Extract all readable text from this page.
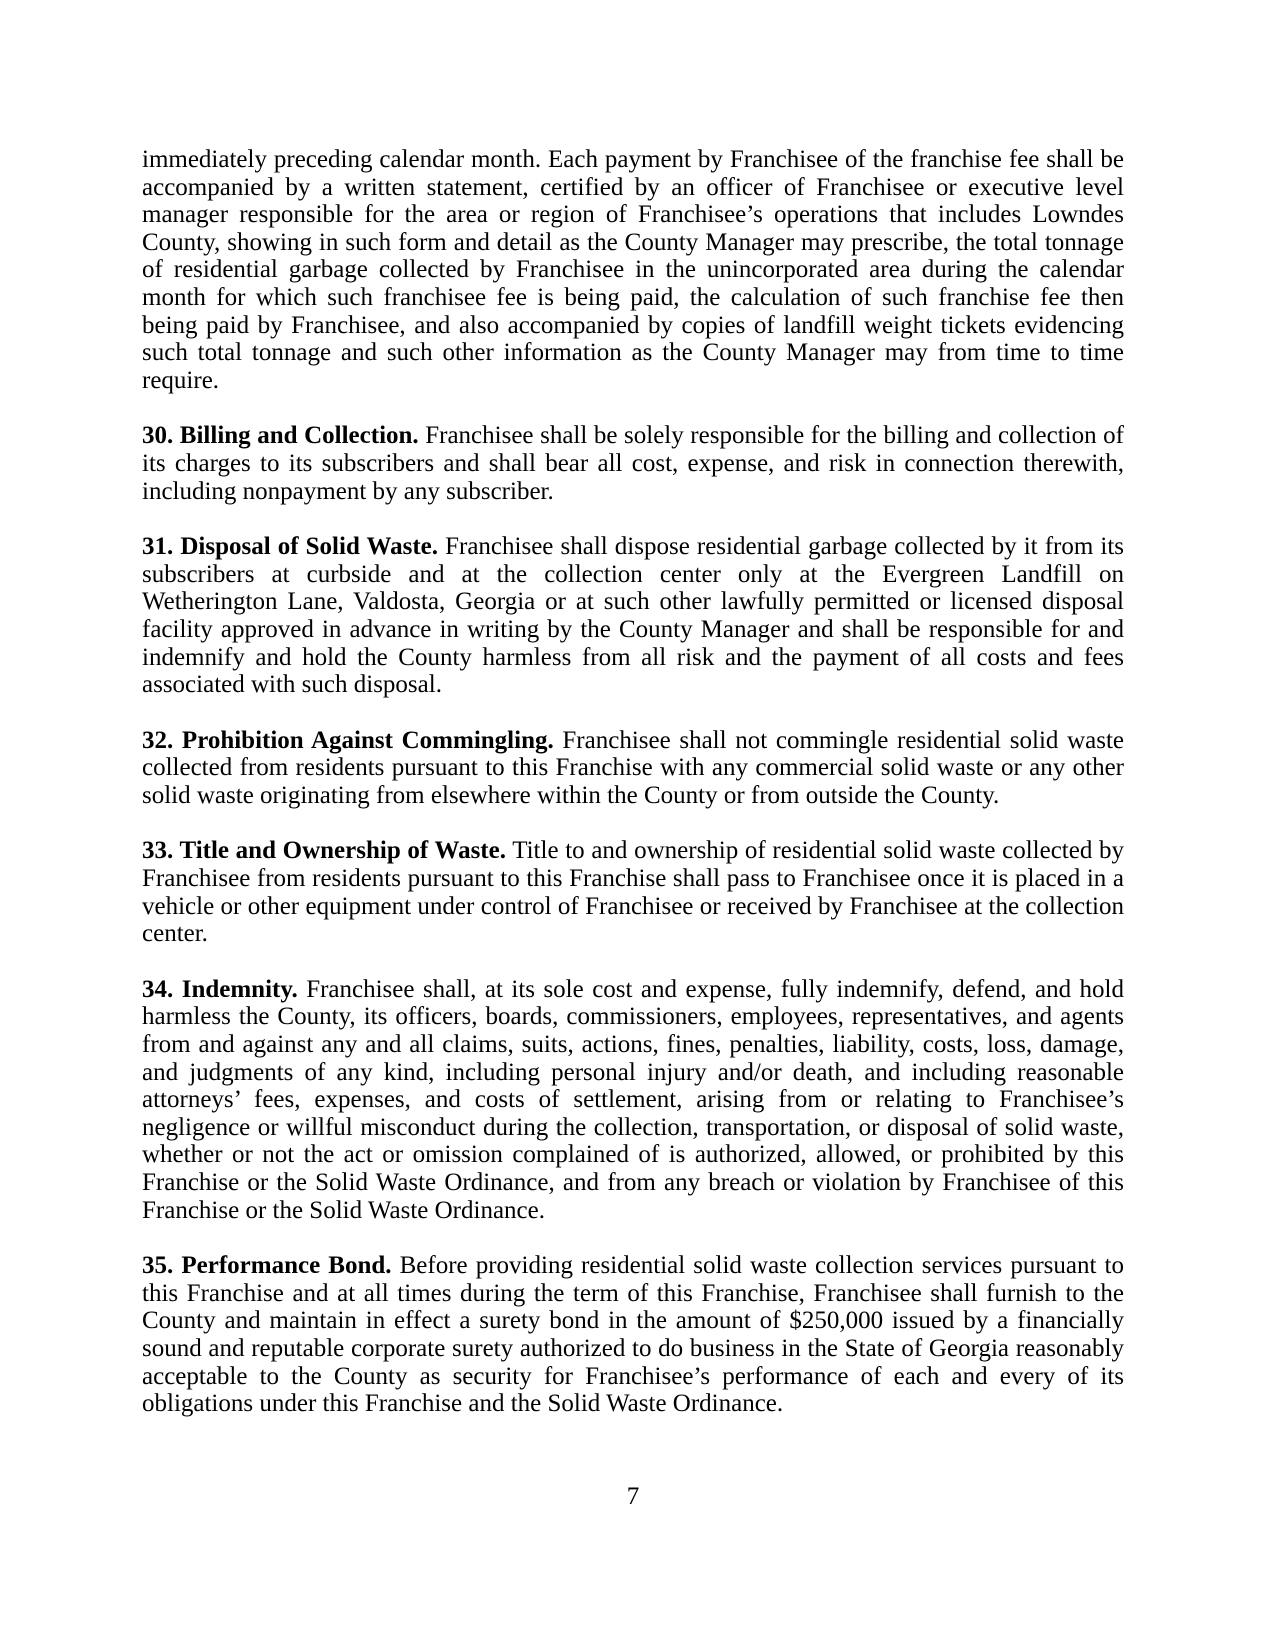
immediately preceding calendar month. Each payment by Franchisee of the franchise fee shall be accompanied by a written statement, certified by an officer of Franchisee or executive level manager responsible for the area or region of Franchisee’s operations that includes Lowndes County, showing in such form and detail as the County Manager may prescribe, the total tonnage of residential garbage collected by Franchisee in the unincorporated area during the calendar month for which such franchisee fee is being paid, the calculation of such franchise fee then being paid by Franchisee, and also accompanied by copies of landfill weight tickets evidencing such total tonnage and such other information as the County Manager may from time to time require.

30. Billing and Collection. Franchisee shall be solely responsible for the billing and collection of its charges to its subscribers and shall bear all cost, expense, and risk in connection therewith, including nonpayment by any subscriber.

31. Disposal of Solid Waste. Franchisee shall dispose residential garbage collected by it from its subscribers at curbside and at the collection center only at the Evergreen Landfill on Wetherington Lane, Valdosta, Georgia or at such other lawfully permitted or licensed disposal facility approved in advance in writing by the County Manager and shall be responsible for and indemnify and hold the County harmless from all risk and the payment of all costs and fees associated with such disposal.

32. Prohibition Against Commingling. Franchisee shall not commingle residential solid waste collected from residents pursuant to this Franchise with any commercial solid waste or any other solid waste originating from elsewhere within the County or from outside the County.

33. Title and Ownership of Waste. Title to and ownership of residential solid waste collected by Franchisee from residents pursuant to this Franchise shall pass to Franchisee once it is placed in a vehicle or other equipment under control of Franchisee or received by Franchisee at the collection center.

34. Indemnity. Franchisee shall, at its sole cost and expense, fully indemnify, defend, and hold harmless the County, its officers, boards, commissioners, employees, representatives, and agents from and against any and all claims, suits, actions, fines, penalties, liability, costs, loss, damage, and judgments of any kind, including personal injury and/or death, and including reasonable attorneys’ fees, expenses, and costs of settlement, arising from or relating to Franchisee’s negligence or willful misconduct during the collection, transportation, or disposal of solid waste, whether or not the act or omission complained of is authorized, allowed, or prohibited by this Franchise or the Solid Waste Ordinance, and from any breach or violation by Franchisee of this Franchise or the Solid Waste Ordinance.

35. Performance Bond. Before providing residential solid waste collection services pursuant to this Franchise and at all times during the term of this Franchise, Franchisee shall furnish to the County and maintain in effect a surety bond in the amount of $250,000 issued by a financially sound and reputable corporate surety authorized to do business in the State of Georgia reasonably acceptable to the County as security for Franchisee’s performance of each and every of its obligations under this Franchise and the Solid Waste Ordinance.

7
